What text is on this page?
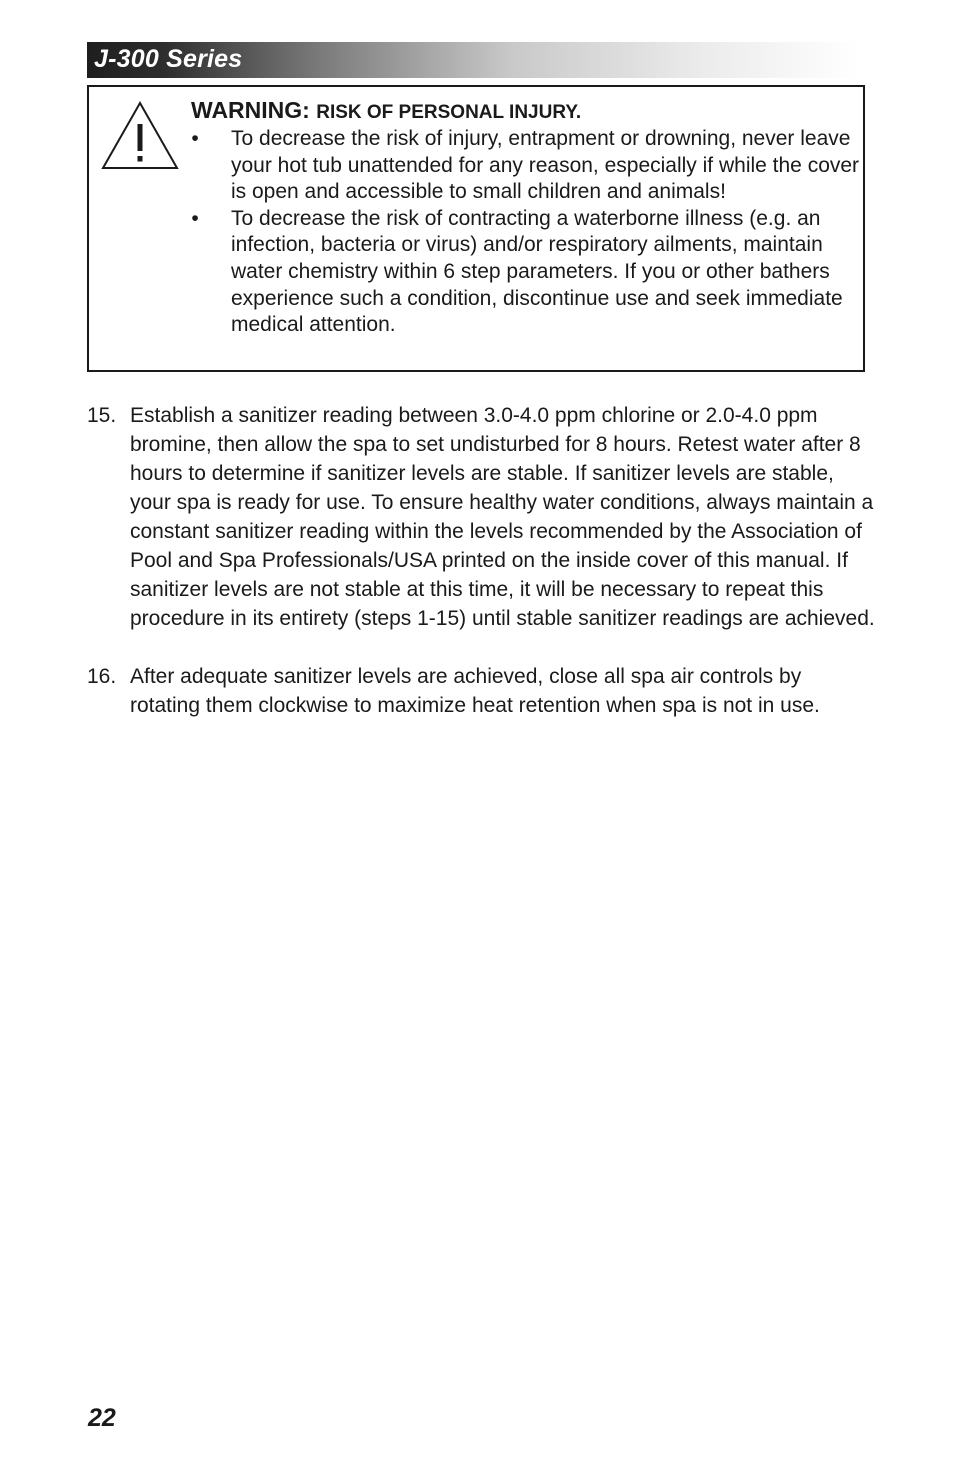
J-300 Series
WARNING: RISK OF PERSONAL INJURY.
•	To decrease the risk of injury, entrapment or drowning, never leave your hot tub unattended for any reason, especially if while the cover is open and accessible to small children and animals!
•	To decrease the risk of contracting a waterborne illness (e.g. an infection, bacteria or virus) and/or respiratory ailments, maintain water chemistry within 6 step parameters. If you or other bathers experience such a condition, discontinue use and seek immediate medical attention.
15. Establish a sanitizer reading between 3.0-4.0 ppm chlorine or 2.0-4.0 ppm bromine, then allow the spa to set undisturbed for 8 hours. Retest water after 8 hours to determine if sanitizer levels are stable. If sanitizer levels are stable, your spa is ready for use. To ensure healthy water conditions, always maintain a constant sanitizer reading within the levels recommended by the Association of Pool and Spa Professionals/USA printed on the inside cover of this manual. If sanitizer levels are not stable at this time, it will be necessary to repeat this procedure in its entirety (steps 1-15) until stable sanitizer readings are achieved.
16. After adequate sanitizer levels are achieved, close all spa air controls by rotating them clockwise to maximize heat retention when spa is not in use.
22
